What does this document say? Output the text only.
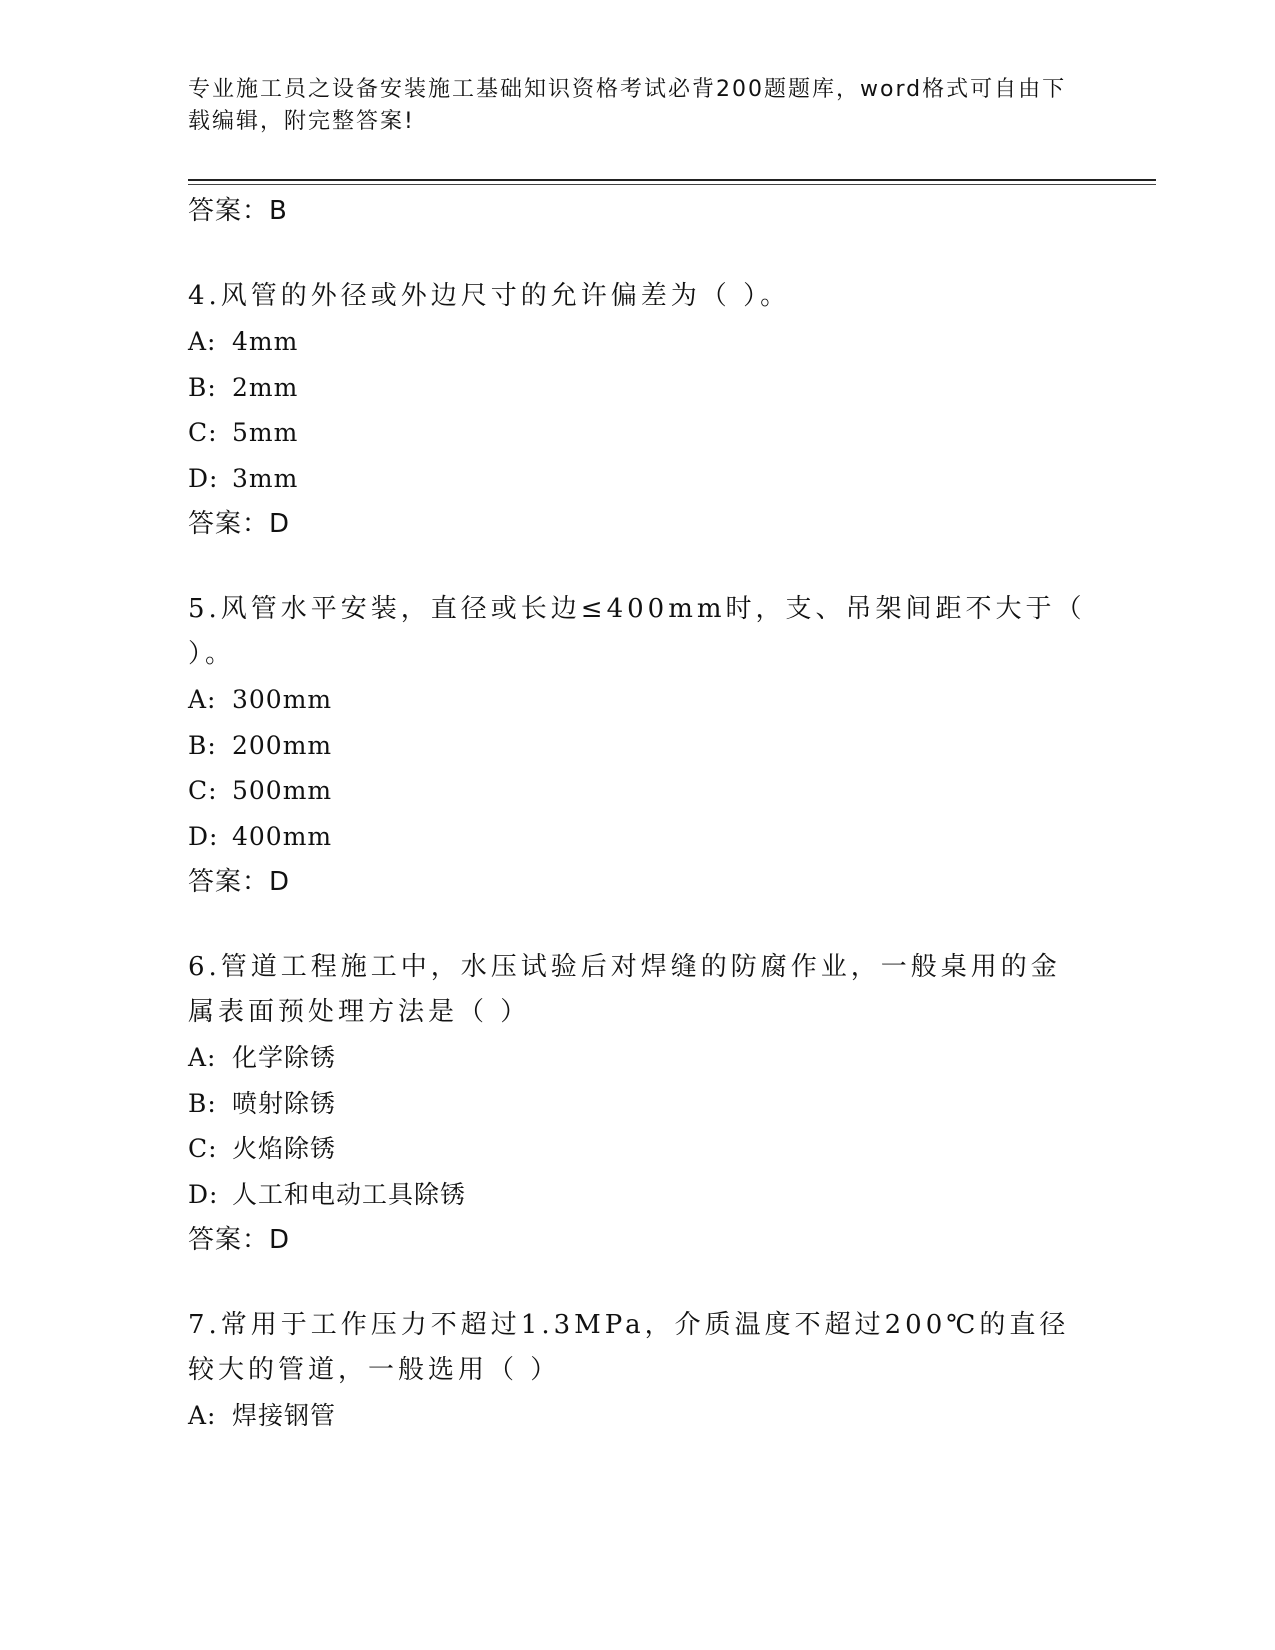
专业施工员之设备安装施工基础知识资格考试必背200题题库，word格式可自由下载编辑，附完整答案!
答案：B
4.风管的外径或外边尺寸的允许偏差为（ ）。
A: 4mm
B: 2mm
C: 5mm
D: 3mm
答案：D
5.风管水平安装，直径或长边≤400mm时，支、吊架间距不大于（ ）。
A: 300mm
B: 200mm
C: 500mm
D: 400mm
答案：D
6.管道工程施工中，水压试验后对焊缝的防腐作业，一般桌用的金属表面预处理方法是（ ）
A: 化学除锈
B: 喷射除锈
C: 火焰除锈
D: 人工和电动工具除锈
答案：D
7.常用于工作压力不超过1.3MPa，介质温度不超过200℃的直径较大的管道，一般选用（ ）
A: 焊接钢管
